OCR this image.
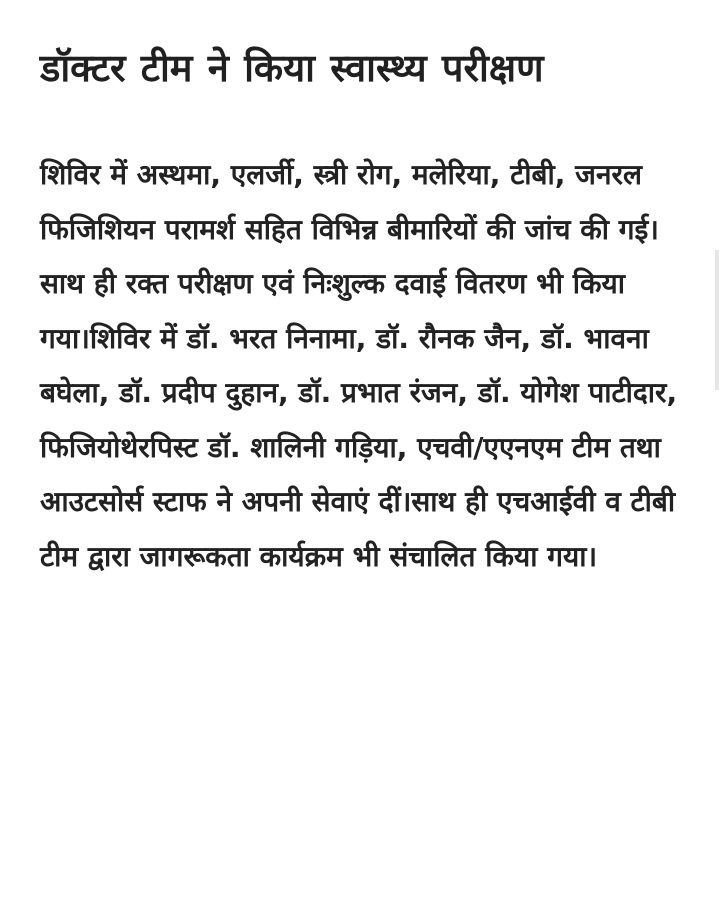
डॉक्टर टीम ने किया स्वास्थ्य परीक्षण

शिविर में अस्थमा, एलर्जी, स्त्री रोग, मलेरिया, टीबी, जनरल फिजिशियन परामर्श सहित विभिन्न बीमारियों की जांच की गई। साथ ही रक्त परीक्षण एवं निःशुल्क दवाई वितरण भी किया गया।शिविर में डॉ. भरत निनामा, डॉ. रौनक जैन, डॉ. भावना बघेला, डॉ. प्रदीप दुहान, डॉ. प्रभात रंजन, डॉ. योगेश पाटीदार, फिजियोथेरपिस्ट डॉ. शालिनी गड़िया, एचवी/एएनएम टीम तथा आउटसोर्स स्टाफ ने अपनी सेवाएं दीं।साथ ही एचआईवी व टीबी टीम द्वारा जागरूकता कार्यक्रम भी संचालित किया गया।
